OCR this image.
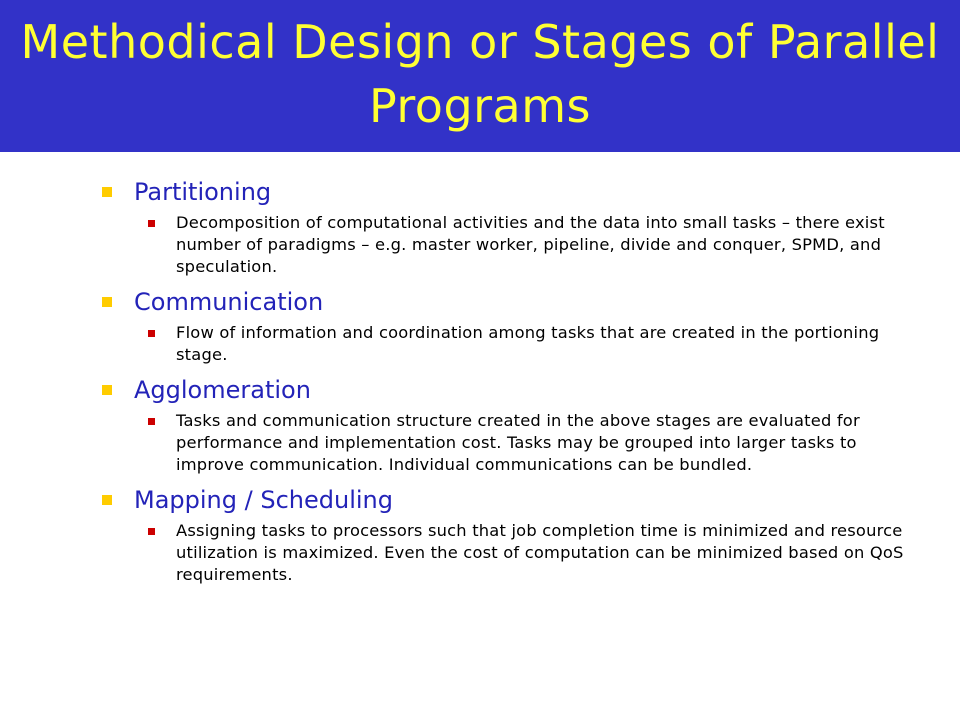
Methodical Design or Stages of Parallel Programs
Partitioning
Decomposition of computational activities and the data into small tasks – there exist number of paradigms – e.g. master worker, pipeline, divide and conquer, SPMD, and speculation.
Communication
Flow of information and coordination among tasks that are created in the portioning stage.
Agglomeration
Tasks and communication structure created in the above stages are evaluated for performance and implementation cost. Tasks may be grouped into larger tasks to improve communication. Individual communications can be bundled.
Mapping / Scheduling
Assigning tasks to processors such that job completion time is minimized and resource utilization is maximized. Even the cost of computation can be minimized based on QoS requirements.
